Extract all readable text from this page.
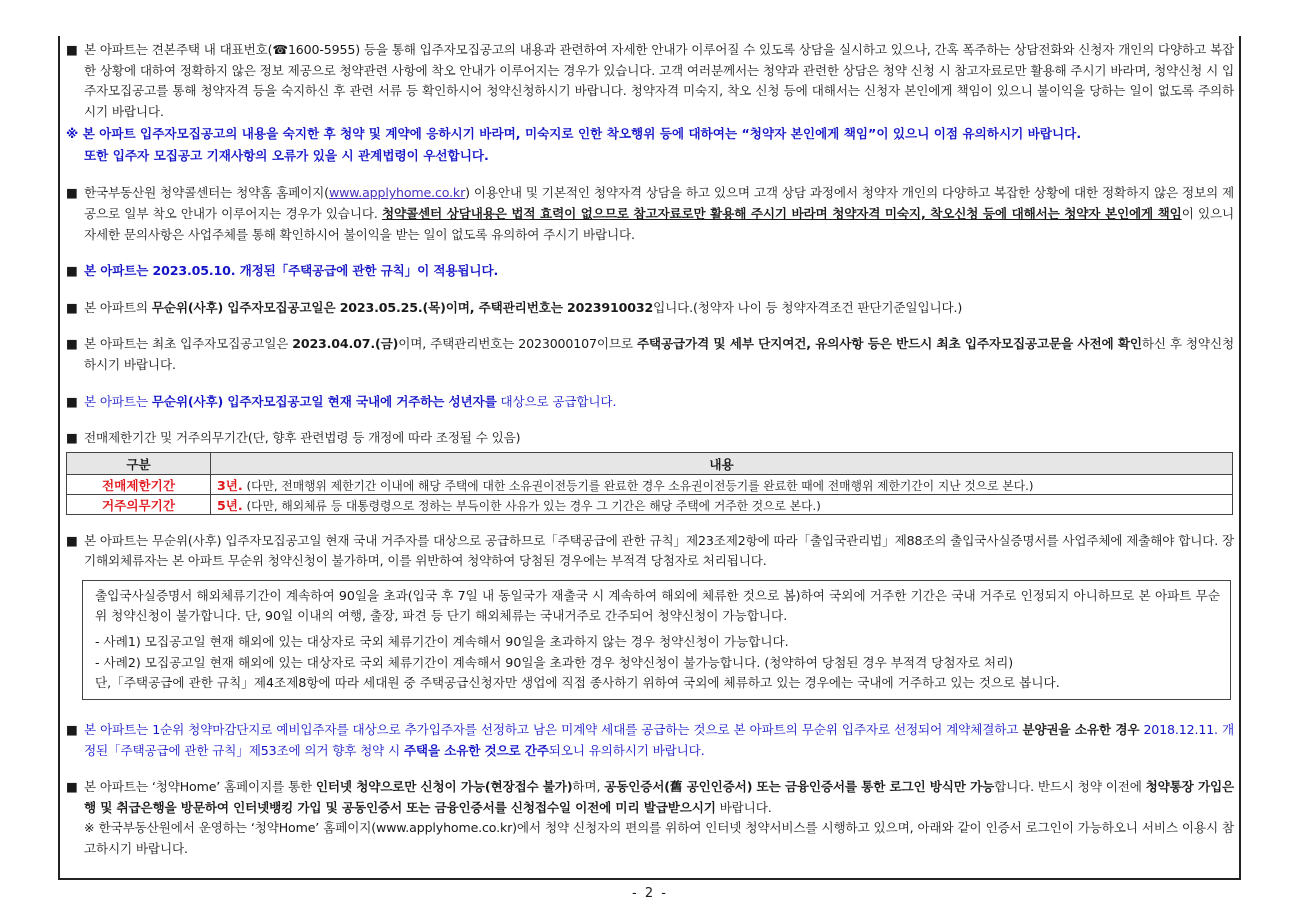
■ 본 아파트는 견본주택 내 대표번호(☎1600-5955) 등을 통해 입주자모집공고의 내용과 관련하여 자세한 안내가 이루어질 수 있도록 상담을 실시하고 있으나, 간혹 폭주하는 상담전화와 신청자 개인의 다양하고 복잡한 상황에 대하여 정확하지 않은 정보 제공으로 청약관련 사항에 착오 안내가 이루어지는 경우가 있습니다. 고객 여러분께서는 청약과 관련한 상담은 청약 신청 시 참고자료로만 활용해 주시기 바라며, 청약신청 시 입주자모집공고를 통해 청약자격 등을 숙지하신 후 관련 서류 등 확인하시어 청약신청하시기 바랍니다. 청약자격 미숙지, 착오 신청 등에 대해서는 신청자 본인에게 책임이 있으니 불이익을 당하는 일이 없도록 주의하시기 바랍니다.
※ 본 아파트 입주자모집공고의 내용을 숙지한 후 청약 및 계약에 응하시기 바라며, 미숙지로 인한 착오행위 등에 대하여는 “청약자 본인에게 책임”이 있으니 이점 유의하시기 바랍니다.
또한 입주자 모집공고 기재사항의 오류가 있을 시 관계법령이 우선합니다.
■ 한국부동산원 청약콜센터는 청약홈 홈페이지(www.applyhome.co.kr) 이용안내 및 기본적인 청약자격 상담을 하고 있으며 고객 상담 과정에서 청약자 개인의 다양하고 복잡한 상황에 대한 정확하지 않은 정보의 제공으로 일부 착오 안내가 이루어지는 경우가 있습니다. 청약콜센터 상담내용은 법적 효력이 없으므로 참고자료로만 활용해 주시기 바라며 청약자격 미숙지, 착오신청 등에 대해서는 청약자 본인에게 책임이 있으니 자세한 문의사항은 사업주체를 통해 확인하시어 불이익을 받는 일이 없도록 유의하여 주시기 바랍니다.
■ 본 아파트는 2023.05.10. 개정된「주택공급에 관한 규칙」이 적용됩니다.
■ 본 아파트의 무순위(사후) 입주자모집공고일은 2023.05.25.(목)이며, 주택관리번호는 2023910032입니다.(청약자 나이 등 청약자격조건 판단기준일입니다.)
■ 본 아파트는 최초 입주자모집공고일은 2023.04.07.(금)이며, 주택관리번호는 2023000107이므로 주택공급가격 및 세부 단지여건, 유의사항 등은 반드시 최초 입주자모집공고문을 사전에 확인하신 후 청약신청하시기 바랍니다.
■ 본 아파트는 무순위(사후) 입주자모집공고일 현재 국내에 거주하는 성년자를 대상으로 공급합니다.
■ 전매제한기간 및 거주의무기간(단, 향후 관련법령 등 개정에 따라 조정될 수 있음)
구분	내용
전매제한기간	3년. (다만, 전매행위 제한기간 이내에 해당 주택에 대한 소유권이전등기를 완료한 경우 소유권이전등기를 완료한 때에 전매행위 제한기간이 지난 것으로 본다.)
거주의무기간	5년. (다만, 해외체류 등 대통령령으로 정하는 부득이한 사유가 있는 경우 그 기간은 해당 주택에 거주한 것으로 본다.)
■ 본 아파트는 무순위(사후) 입주자모집공고일 현재 국내 거주자를 대상으로 공급하므로「주택공급에 관한 규칙」제23조제2항에 따라「출입국관리법」제88조의 출입국사실증명서를 사업주체에 제출해야 합니다. 장기해외체류자는 본 아파트 무순위 청약신청이 불가하며, 이를 위반하여 청약하여 당첨된 경우에는 부적격 당첨자로 처리됩니다.
출입국사실증명서 해외체류기간이 계속하여 90일을 초과(입국 후 7일 내 동일국가 재출국 시 계속하여 해외에 체류한 것으로 봄)하여 국외에 거주한 기간은 국내 거주로 인정되지 아니하므로 본 아파트 무순위 청약신청이 불가합니다. 단, 90일 이내의 여행, 출장, 파견 등 단기 해외체류는 국내거주로 간주되어 청약신청이 가능합니다.
- 사례1) 모집공고일 현재 해외에 있는 대상자로 국외 체류기간이 계속해서 90일을 초과하지 않는 경우 청약신청이 가능합니다.
- 사례2) 모집공고일 현재 해외에 있는 대상자로 국외 체류기간이 계속해서 90일을 초과한 경우 청약신청이 불가능합니다. (청약하여 당첨된 경우 부적격 당첨자로 처리)
단,「주택공급에 관한 규칙」제4조제8항에 따라 세대원 중 주택공급신청자만 생업에 직접 종사하기 위하여 국외에 체류하고 있는 경우에는 국내에 거주하고 있는 것으로 봅니다.
■ 본 아파트는 1순위 청약마감단지로 예비입주자를 대상으로 추가입주자를 선정하고 남은 미계약 세대를 공급하는 것으로 본 아파트의 무순위 입주자로 선정되어 계약체결하고 분양권을 소유한 경우 2018.12.11. 개정된「주택공급에 관한 규칙」제53조에 의거 향후 청약 시 주택을 소유한 것으로 간주되오니 유의하시기 바랍니다.
■ 본 아파트는 ‘청약Home’ 홈페이지를 통한 인터넷 청약으로만 신청이 가능(현장접수 불가)하며, 공동인증서(舊 공인인증서) 또는 금융인증서를 통한 로그인 방식만 가능합니다. 반드시 청약 이전에 청약통장 가입은행 및 취급은행을 방문하여 인터넷뱅킹 가입 및 공동인증서 또는 금융인증서를 신청접수일 이전에 미리 발급받으시기 바랍니다.
※ 한국부동산원에서 운영하는 ‘청약Home’ 홈페이지(www.applyhome.co.kr)에서 청약 신청자의 편의를 위하여 인터넷 청약서비스를 시행하고 있으며, 아래와 같이 인증서 로그인이 가능하오니 서비스 이용시 참고하시기 바랍니다.
- 2 -
